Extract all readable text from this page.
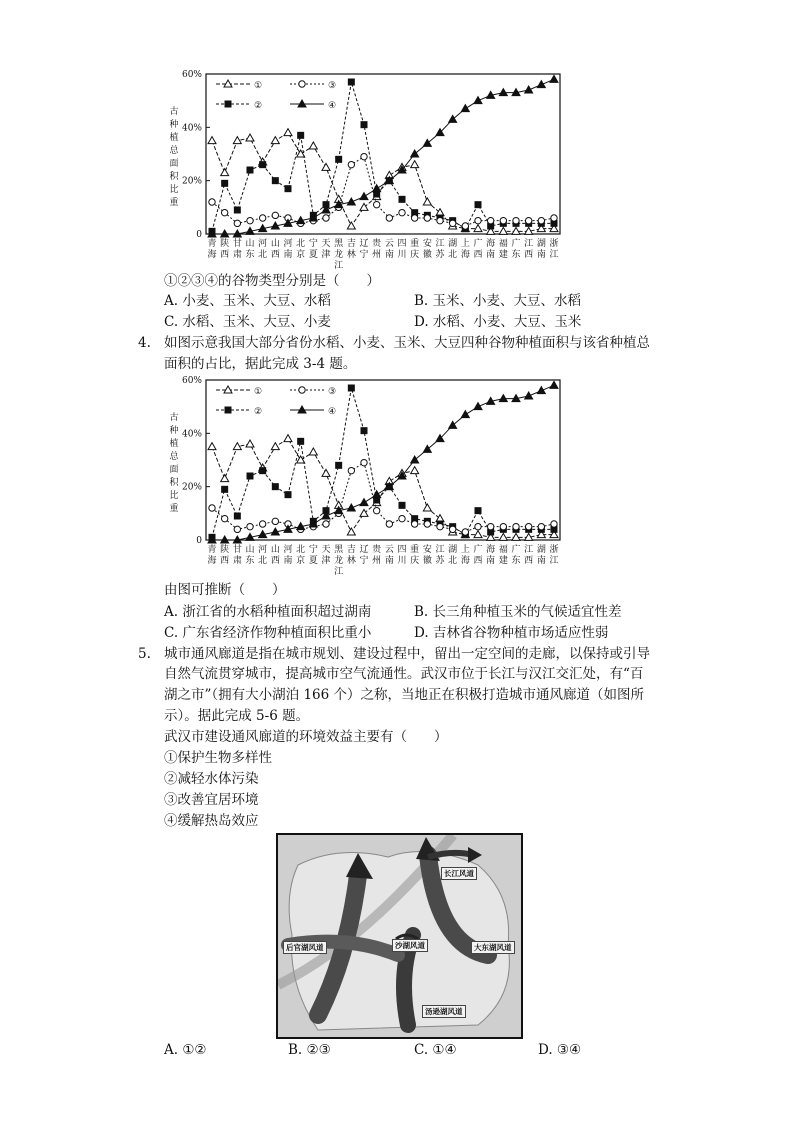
60%
40%
20%
0
古
种
植
总
面
积
比
重
青
海
陕
西
甘
肃
山
东
河
北
山
西
河
南
北
京
宁
夏
天
津
黑
龙
江
吉
林
辽
宁
贵
州
云
南
四
川
重
庆
安
徽
江
苏
湖
北
上
海
广
西
海
南
福
建
广
东
江
西
湖
南
浙
江
①
②
③
④
①②③④的谷物类型分别是（　　）
A. 小麦、玉米、大豆、水稻	B. 玉米、小麦、大豆、水稻
C. 水稻、玉米、大豆、小麦	D. 水稻、小麦、大豆、玉米
4. 如图示意我国大部分省份水稻、小麦、玉米、大豆四种谷物种植面积与该省种植总
面积的占比，据此完成 3-4 题。
60%
40%
20%
0
古
种
植
总
面
积
比
重
青
海
陕
西
甘
肃
山
东
河
北
山
西
河
南
北
京
宁
夏
天
津
黑
龙
江
吉
林
辽
宁
贵
州
云
南
四
川
重
庆
安
徽
江
苏
湖
北
上
海
广
西
海
南
福
建
广
东
江
西
湖
南
浙
江
①
②
③
④
由图可推断（　　）
A. 浙江省的水稻种植面积超过湖南	B. 长三角种植玉米的气候适宜性差
C. 广东省经济作物种植面积比重小	D. 吉林省谷物种植市场适应性弱
5. 城市通风廊道是指在城市规划、建设过程中，留出一定空间的走廊，以保持或引导
自然气流贯穿城市，提高城市空气流通性。武汉市位于长江与汉江交汇处，有“百
湖之市”（拥有大小湖泊 166 个）之称，当地正在积极打造城市通风廊道（如图所
示）。据此完成 5-6 题。
武汉市建设通风廊道的环境效益主要有（　　）
①保护生物多样性
②减轻水体污染
③改善宜居环境
④缓解热岛效应
长江风道
后官湖风道	沙湖风道	大东湖风道
汤逊湖风道
A. ①②	B. ②③	C. ①④	D. ③④
